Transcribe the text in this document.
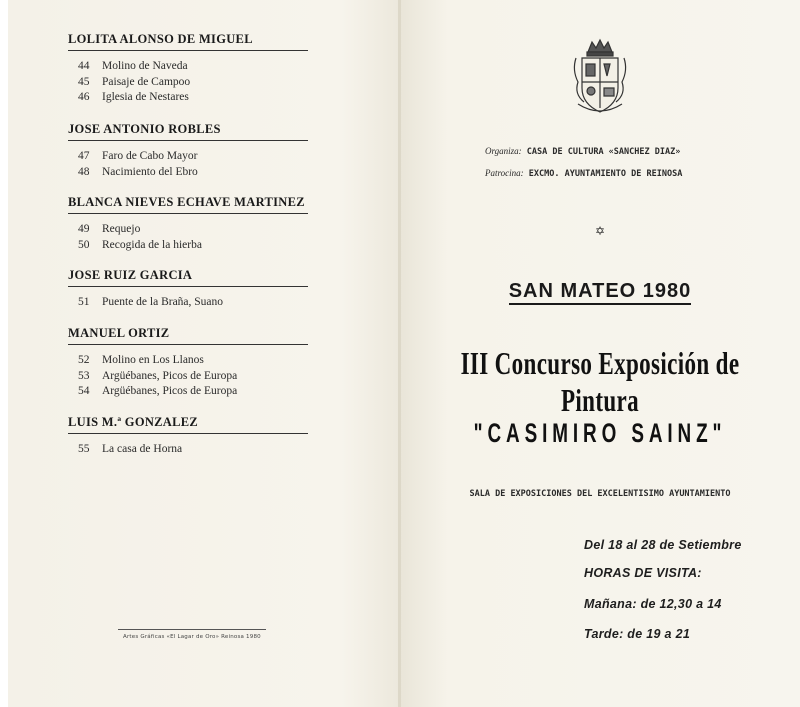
LOLITA ALONSO DE MIGUEL
44 Molino de Naveda
45 Paisaje de Campoo
46 Iglesia de Nestares
JOSE ANTONIO ROBLES
47 Faro de Cabo Mayor
48 Nacimiento del Ebro
BLANCA NIEVES ECHAVE MARTINEZ
49 Requejo
50 Recogida de la hierba
JOSE RUIZ GARCIA
51 Puente de la Braña, Suano
MANUEL ORTIZ
52 Molino en Los Llanos
53 Argüébanes, Picos de Europa
54 Argüébanes, Picos de Europa
LUIS M.ª GONZALEZ
55 La casa de Horna
Artes Gráficas «El Lagar de Oro» Reinosa 1980
Organiza: CASA DE CULTURA «SANCHEZ DIAZ»
Patrocina: EXCMO. AYUNTAMIENTO DE REINOSA
✡
SAN MATEO 1980
III Concurso Exposición de Pintura
"CASIMIRO SAINZ"
SALA DE EXPOSICIONES DEL EXCELENTISIMO AYUNTAMIENTO
Del 18 al 28 de Setiembre
HORAS DE VISITA:
Mañana: de 12,30 a 14
Tarde: de 19 a 21
